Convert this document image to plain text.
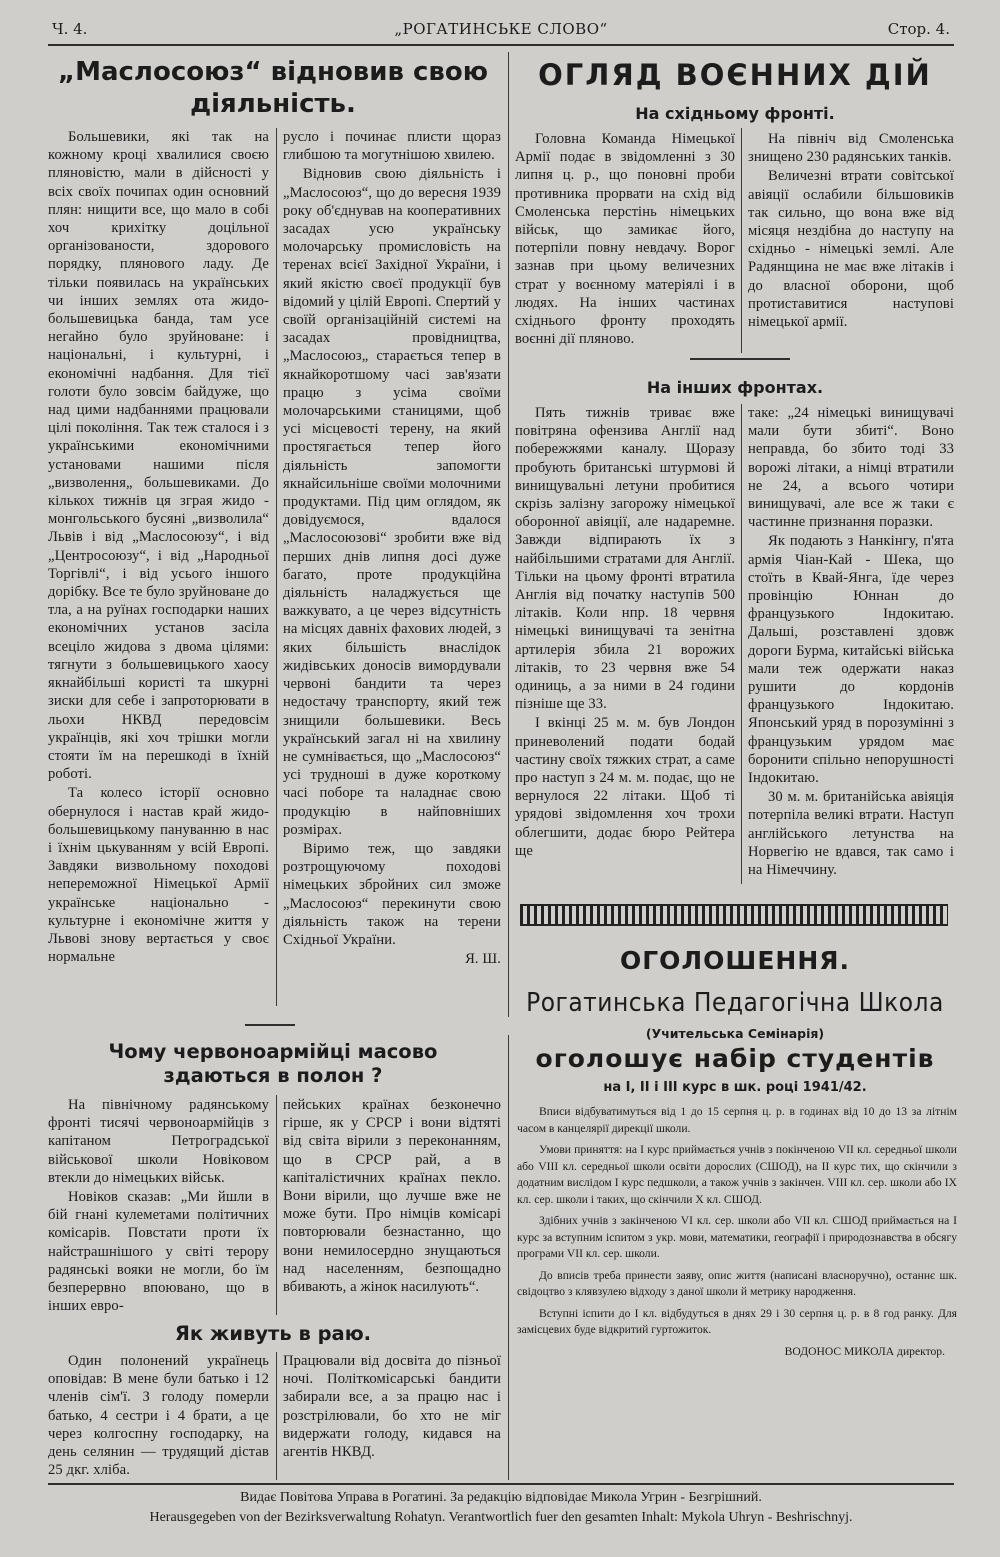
Ч. 4.	„РОГАТИНСЬКЕ СЛОВО“	Стор. 4.
„Маслосоюз“ відновив свою
діяльність.

Большевики, які так на кожному кроці хвалилися своєю пляновістю, мали в дійсності у всіх своїх почипах один основний плян: нищити все, що мало в собі хоч крихітку доцільної організованости, здорового порядку, плянового ладу. Де тільки появилась на українських чи інших землях ота жидо- большевицька банда, там усе негайно було зруйноване: і національні, і культурні, і економічні надбання. Для тієї голоти було зовсім байдуже, що над цими надбаннями працювали цілі покоління. Так теж сталося і з українськими економічними установами нашими після „визволення„ большевиками. До кількох тижнів ця зграя жидо - монгольського бусяні „визволила“ Львів і від „Маслосоюзу“, і від „Центросоюзу“, і від „Народньої Торгівлі“, і від усього іншого дорібку. Все те було зруйноване до тла, а на руїнах господарки наших економічних установ засіла всеціло жидова з двома цілями: тягнути з большевицького хаосу якнайбільші користі та шкурні зиски для себе і запроторювати в льохи НКВД передовсім українців, які хоч трішки могли стояти їм на перешкоді в їхній роботі.

Та колесо історії основно обернулося і настав край жидо-большевицькому пануванню в нас і їхнім цькуванням у всій Европі. Завдяки визвольному походові непереможної Німецької Армії українське національно - культурне і економічне життя у Львові знову вертається у своє нормальне

русло і починає плисти щораз глибшою та могутнішою хвилею.

Відновив свою діяльність і „Маслосоюз“, що до вересня 1939 року об'єднував на кооперативних засадах усю українську молочарську промисловість на теренах всієї Західної України, і який якістю своєї продукції був відомий у цілій Европі. Спертий у своїй організаційній системі на засадах провідництва, „Маслосоюз„ старається тепер в якнайкоротшому часі зав'язати працю з усіма своїми молочарськими станицями, щоб усі місцевості терену, на який простягається тепер його діяльність запомогти якнайсильніше своїми молочними продуктами. Під цим оглядом, як довідуємося, вдалося „Маслосоюзові“ зробити вже від перших днів липня досі дуже багато, проте продукційна діяльність наладжується ще важкувато, а це через відсутність на місцях давніх фахових людей, з яких більшість внаслідок жидівських доносів вимордували червоні бандити та через недостачу транспорту, який теж знищили большевики. Весь український загал ні на хвилину не сумнівається, що „Маслосоюз“ усі трудноші в дуже короткому часі поборе та наладнає свою продукцію в найповніших розмірах.

Віримо теж, що завдяки розтрощуючому походові німецьких збройних сил зможе „Маслосоюз“ перекинути свою діяльність також на терени Східньої України.

Я. Ш.

ОГЛЯД ВОЄННИХ ДІЙ
На східньому фронті.

Головна Команда Німецької Армії подає в звідомленні з 30 липня ц. р., що поновні проби противника прорвати на схід від Смоленська перстінь німецьких військ, що замикає його, потерпіли повну невдачу. Ворог зазнав при цьому величезних страт у воєнному матеріялі і в людях. На інших частинах східнього фронту проходять воєнні дії пляново.

На північ від Смоленська знищено 230 радянських танків.

Величезні втрати совітської авіяції ослабили більшовиків так сильно, що вона вже від місяця нездібна до наступу на східньо - німецькі землі. Але Радянщина не має вже літаків і до власної оборони, щоб протиставитися наступові німецької армії.

На інших фронтах.

Пять тижнів триває вже повітряна офензива Англії над побережжями каналу. Щоразу пробують британські штурмові й винищувальні летуни пробитися скрізь залізну загорожу німецької оборонної авіяції, але надаремне. Завжди відпирають їх з найбільшими стратами для Англії. Тільки на цьому фронті втратила Англія від початку наступів 500 літаків. Коли нпр. 18 червня німецькі винищувачі та зенітна артилерія збила 21 ворожих літаків, то 23 червня вже 54 одиниць, а за ними в 24 години пізніше ще 33.

І вкінці 25 м. м. був Лондон приневолений подати бодай частину своїх тяжких страт, а саме про наступ з 24 м. м. подає, що не вернулося 22 літаки. Щоб ті урядові звідомлення хоч трохи облегшити, додає бюро Рейтера ще

таке: „24 німецькі винищувачі мали бути збиті“. Воно неправда, бо збито тоді 33 ворожі літаки, а німці втратили не 24, а всього чотири винищувачі, але все ж таки є частинне признання поразки.

Як подають з Нанкінгу, п'ята армія Чіан-Кай - Шека, що стоїть в Квай-Янга, їде через провінцію Юннан до французького Індокитаю. Дальші, розставлені здовж дороги Бурма, китайські війська мали теж одержати наказ рушити до кордонів французького Індокитаю. Японський уряд в порозумінні з французьким урядом має боронити спільно непорушності Індокитаю.

30 м. м. британійська авіяція потерпіла великі втрати. Наступ англійського летунства на Норвегію не вдався, так само і на Німеччину.

ОГОЛОШЕННЯ.
Рогатинська Педагогічна Школа
(Учительська Семінарія)
оголошує набір студентів
на I, II і III курс в шк. році 1941/42.

Вписи відбуватимуться від 1 до 15 серпня ц. р. в годинах від 10 до 13 за літнім часом в канцелярії дирекції школи.

Умови приняття: на I курс приймається учнів з покінченою VII кл. середньої школи або VIII кл. середньої школи освіти дорослих (СШОД), на II курс тих, що скінчили з додатним вислідом I курс педшколи, а також учнів з закінчен. VIII кл. сер. школи або IX кл. сер. школи і таких, що скінчили X кл. СШОД.

Здібних учнів з закінченою VI кл. сер. школи або VII кл. СШОД приймається на I курс за вступним іспитом з укр. мови, математики, географії і природознавства в обсягу програми VII кл. сер. школи.

До вписів треба принести заяву, опис життя (написані власноручно), останнє шк. свідоцтво з клявзулею відходу з даної школи й метрику народження.

Вступні іспити до I кл. відбудуться в днях 29 і 30 серпня ц. р. в 8 год ранку. Для замісцевих буде відкритий гуртожиток.

ВОДОНОС МИКОЛА директор.

Чому червоноармійці масово
здаються в полон ?

На північному радянському фронті тисячі червоноармійців з капітаном Петроградської військової школи Новіковом втекли до німецьких військ.

Новіков сказав: „Ми йшли в бій гнані кулеметами політичних комісарів. Повстати проти їх найстрашнішого у світі терору радянські вояки не могли, бо їм безперервно впоювано, що в інших евро-

пейських країнах безконечно гірше, як у СРСР і вони відтяті від світа вірили з переконанням, що в СРСР рай, а в капіталістичних країнах пекло. Вони вірили, що лучше вже не може бути. Про німців комісарі повторювали безнастанно, що вони немилосердно знущаються над населенням, безпощадно вбивають, а жінок насилують“.

Як живуть в раю.

Один полонений українець оповідав: В мене були батько і 12 членів сім'ї. З голоду померли батько, 4 сестри і 4 брати, а це через колгоспну господарку, на день селянин — трудящий дістав 25 дкг. хліба.

Працювали від досвіта до пізньої ночі. Політкомісарські бандити забирали все, а за працю нас і розстрілювали, бо хто не міг видержати голоду, кидався на агентів НКВД.

Видає Повітова Управа в Рогатині. За редакцію відповідає Микола Угрин - Безгрішний.
Herausgegeben von der Bezirksverwaltung Rohatyn. Verantwortlich fuer den gesamten Inhalt: Mykola Uhryn - Beshrischnyj.
